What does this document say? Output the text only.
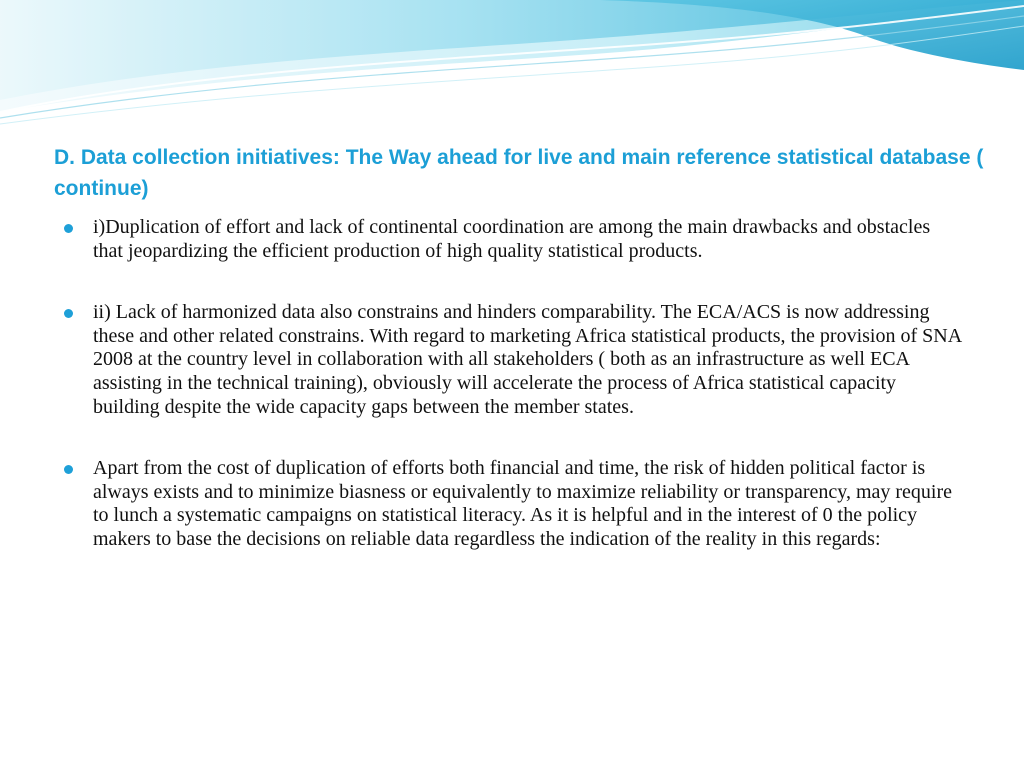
D. Data collection initiatives: The Way ahead for live and main reference statistical database ( continue)
i)Duplication of effort and lack of continental coordination are among the main drawbacks and obstacles that jeopardizing the efficient production of high quality statistical products.
ii) Lack of harmonized data also constrains and hinders comparability. The ECA/ACS is now addressing these and other related constrains. With regard to marketing Africa statistical products, the provision of SNA 2008 at the country level in collaboration with all stakeholders ( both as an infrastructure as well ECA assisting in the technical training), obviously will accelerate the process of Africa statistical capacity building despite the wide capacity gaps between the member states.
Apart from the cost of duplication of efforts both financial and time, the risk of hidden political factor is always exists and to minimize biasness or equivalently to maximize reliability or transparency, may require to lunch a systematic campaigns on statistical literacy. As it is helpful and in the interest of 0 the policy makers to base the decisions on reliable data regardless the indication of the reality in this regards:
